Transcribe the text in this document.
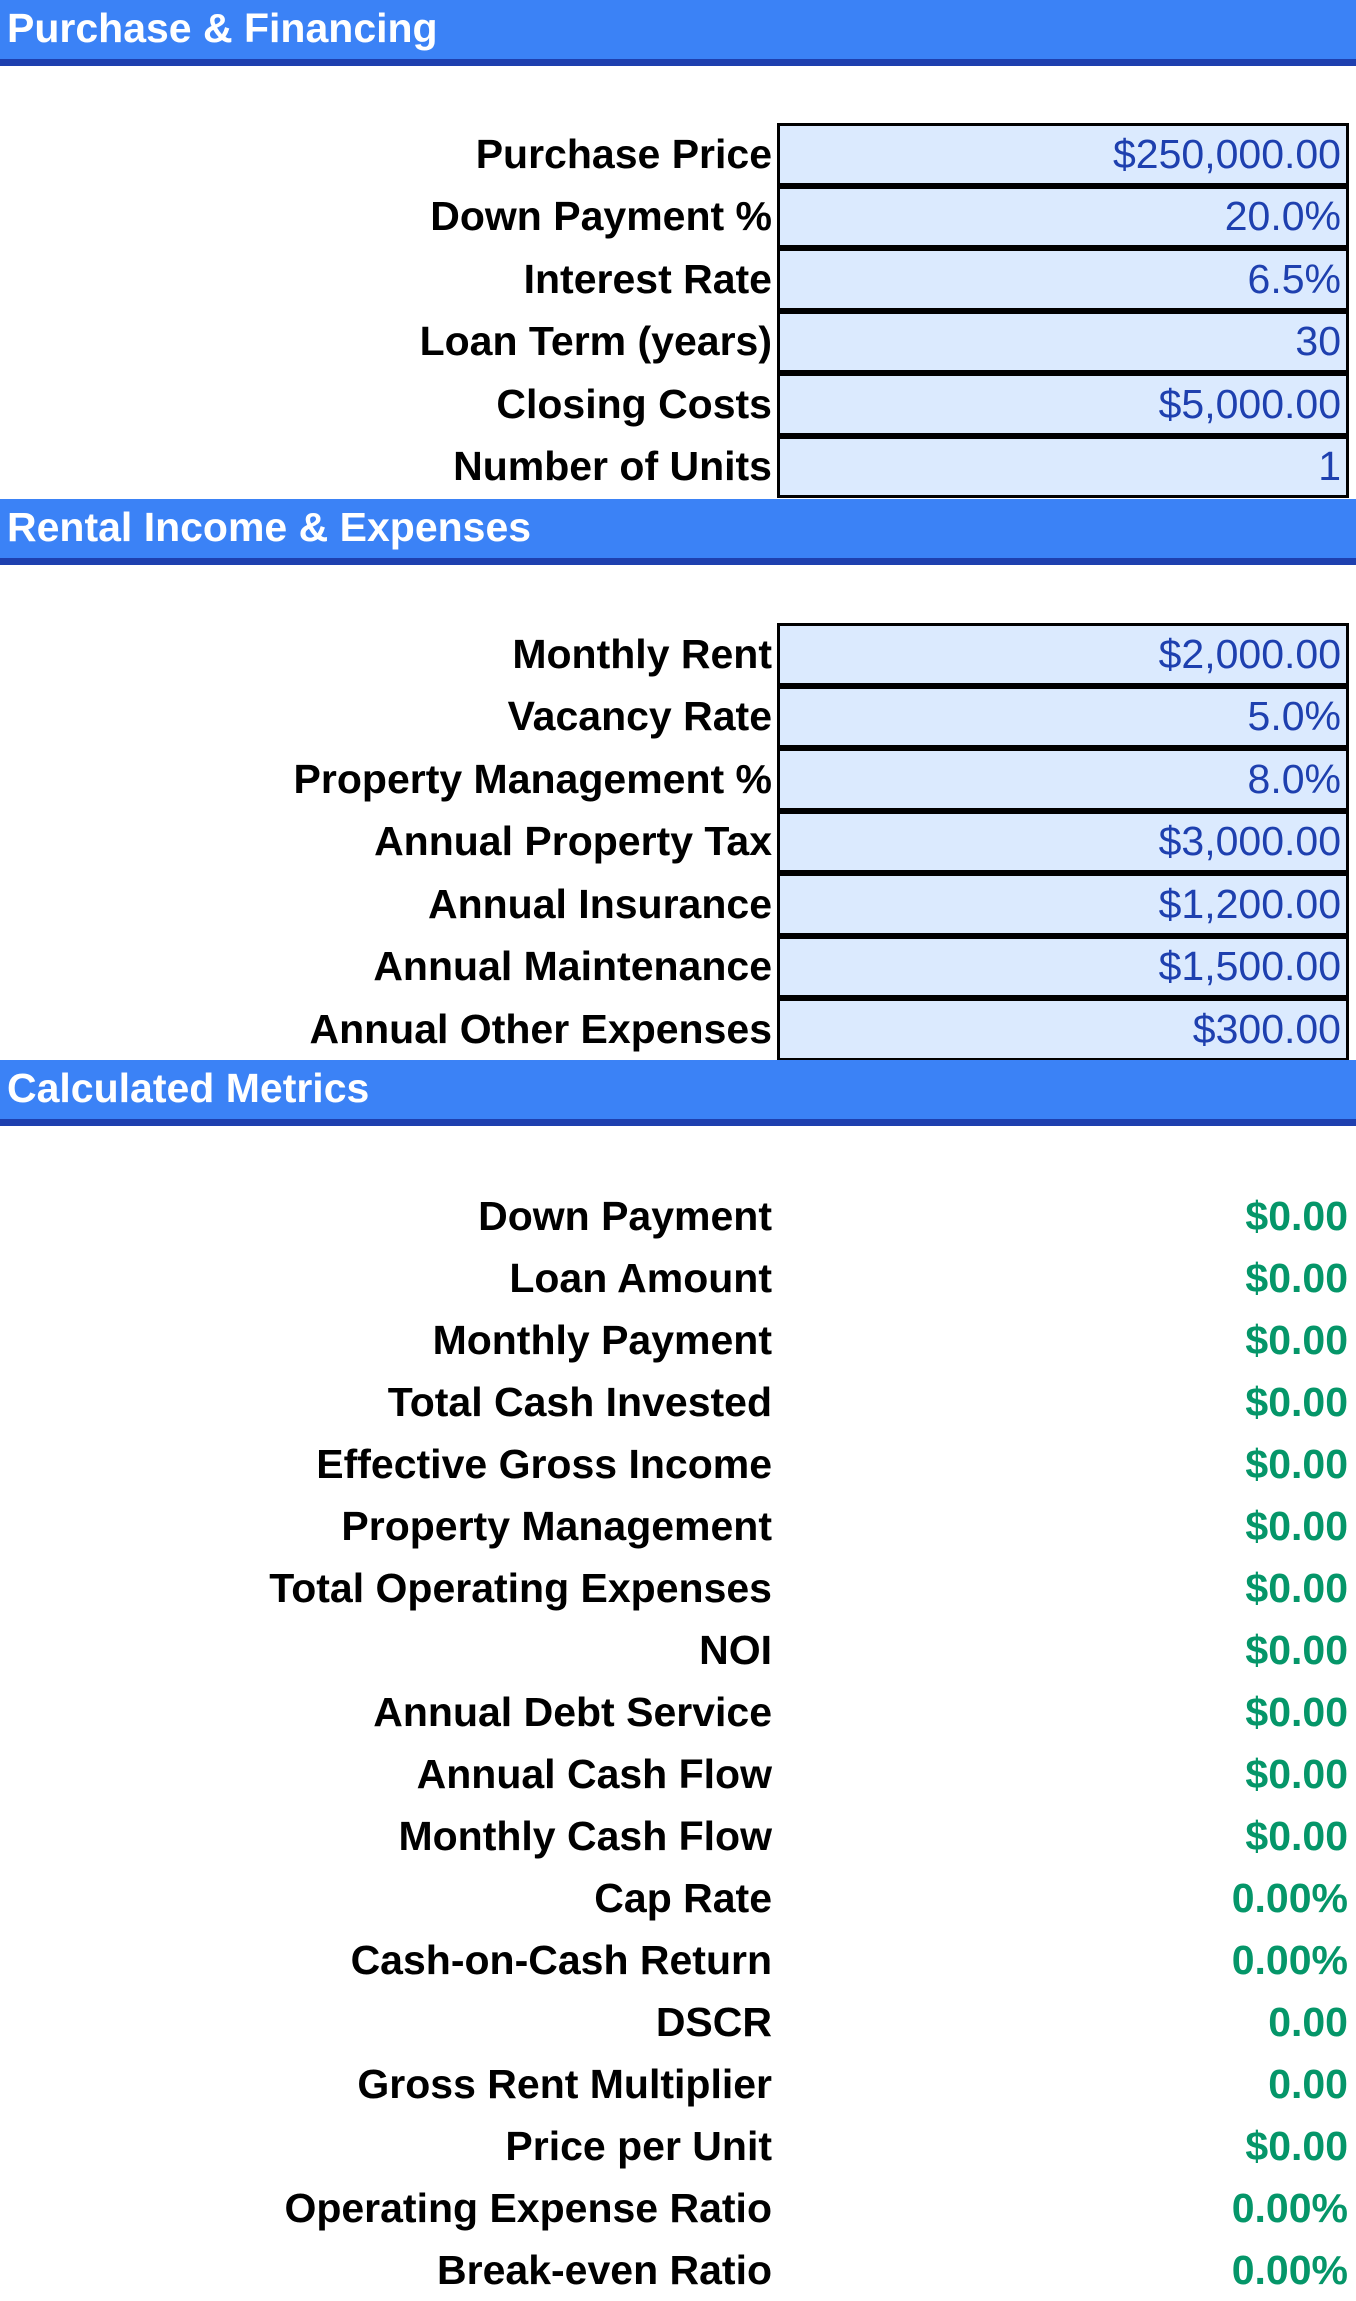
Purchase & Financing
Purchase Price	$250,000.00
Down Payment %	20.0%
Interest Rate	6.5%
Loan Term (years)	30
Closing Costs	$5,000.00
Number of Units	1
Rental Income & Expenses
Monthly Rent	$2,000.00
Vacancy Rate	5.0%
Property Management %	8.0%
Annual Property Tax	$3,000.00
Annual Insurance	$1,200.00
Annual Maintenance	$1,500.00
Annual Other Expenses	$300.00
Calculated Metrics
Down Payment	$0.00
Loan Amount	$0.00
Monthly Payment	$0.00
Total Cash Invested	$0.00
Effective Gross Income	$0.00
Property Management	$0.00
Total Operating Expenses	$0.00
NOI	$0.00
Annual Debt Service	$0.00
Annual Cash Flow	$0.00
Monthly Cash Flow	$0.00
Cap Rate	0.00%
Cash-on-Cash Return	0.00%
DSCR	0.00
Gross Rent Multiplier	0.00
Price per Unit	$0.00
Operating Expense Ratio	0.00%
Break-even Ratio	0.00%
